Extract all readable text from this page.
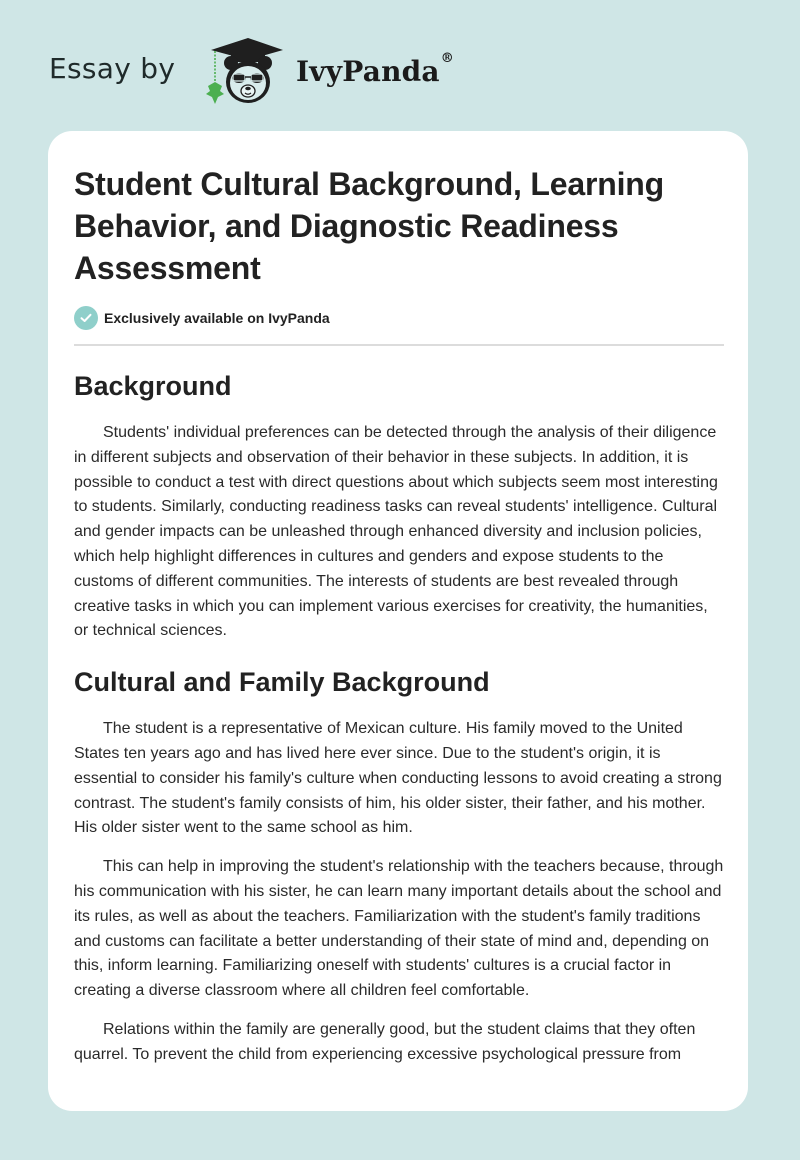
Essay by	IvyPanda®
Student Cultural Background, Learning Behavior, and Diagnostic Readiness Assessment
Exclusively available on IvyPanda
Background

Students' individual preferences can be detected through the analysis of their diligence in different subjects and observation of their behavior in these subjects. In addition, it is possible to conduct a test with direct questions about which subjects seem most interesting to students. Similarly, conducting readiness tasks can reveal students' intelligence. Cultural and gender impacts can be unleashed through enhanced diversity and inclusion policies, which help highlight differences in cultures and genders and expose students to the customs of different communities. The interests of students are best revealed through creative tasks in which you can implement various exercises for creativity, the humanities, or technical sciences.

Cultural and Family Background

The student is a representative of Mexican culture. His family moved to the United States ten years ago and has lived here ever since. Due to the student's origin, it is essential to consider his family's culture when conducting lessons to avoid creating a strong contrast. The student's family consists of him, his older sister, their father, and his mother. His older sister went to the same school as him.

This can help in improving the student's relationship with the teachers because, through his communication with his sister, he can learn many important details about the school and its rules, as well as about the teachers. Familiarization with the student's family traditions and customs can facilitate a better understanding of their state of mind and, depending on this, inform learning. Familiarizing oneself with students' cultures is a crucial factor in creating a diverse classroom where all children feel comfortable.

Relations within the family are generally good, but the student claims that they often quarrel. To prevent the child from experiencing excessive psychological pressure from
